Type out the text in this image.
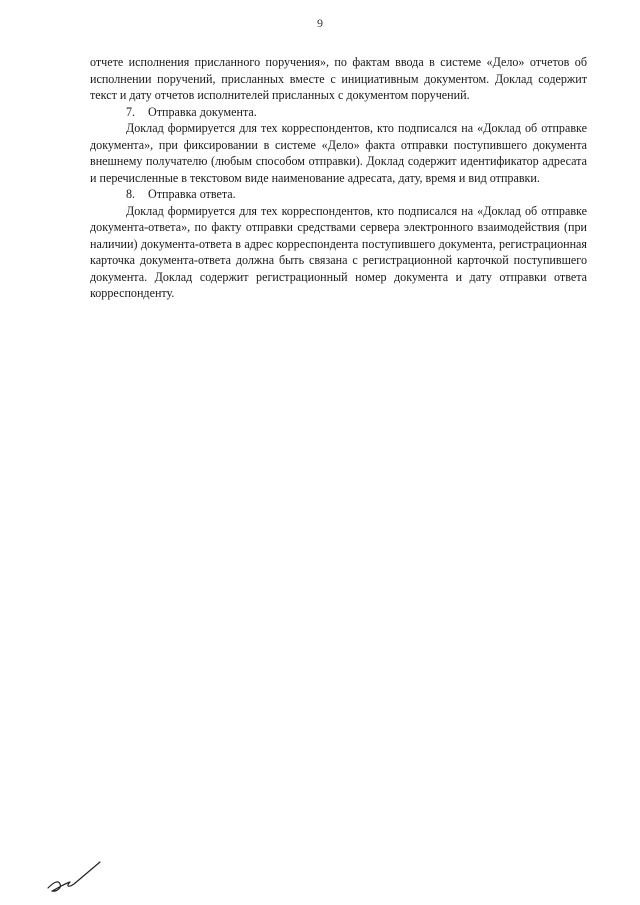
9

отчете исполнения присланного поручения», по фактам ввода в системе «Дело» отчетов об исполнении поручений, присланных вместе с инициативным документом. Доклад содержит текст и дату отчетов исполнителей присланных с документом поручений.

7. Отправка документа.

Доклад формируется для тех корреспондентов, кто подписался на «Доклад об отправке документа», при фиксировании в системе «Дело» факта отправки поступившего документа внешнему получателю (любым способом отправки). Доклад содержит идентификатор адресата и перечисленные в текстовом виде наименование адресата, дату, время и вид отправки.

8. Отправка ответа.

Доклад формируется для тех корреспондентов, кто подписался на «Доклад об отправке документа-ответа», по факту отправки средствами сервера электронного взаимодействия (при наличии) документа-ответа в адрес корреспондента поступившего документа, регистрационная карточка документа-ответа должна быть связана с регистрационной карточкой поступившего документа. Доклад содержит регистрационный номер документа и дату отправки ответа корреспонденту.
